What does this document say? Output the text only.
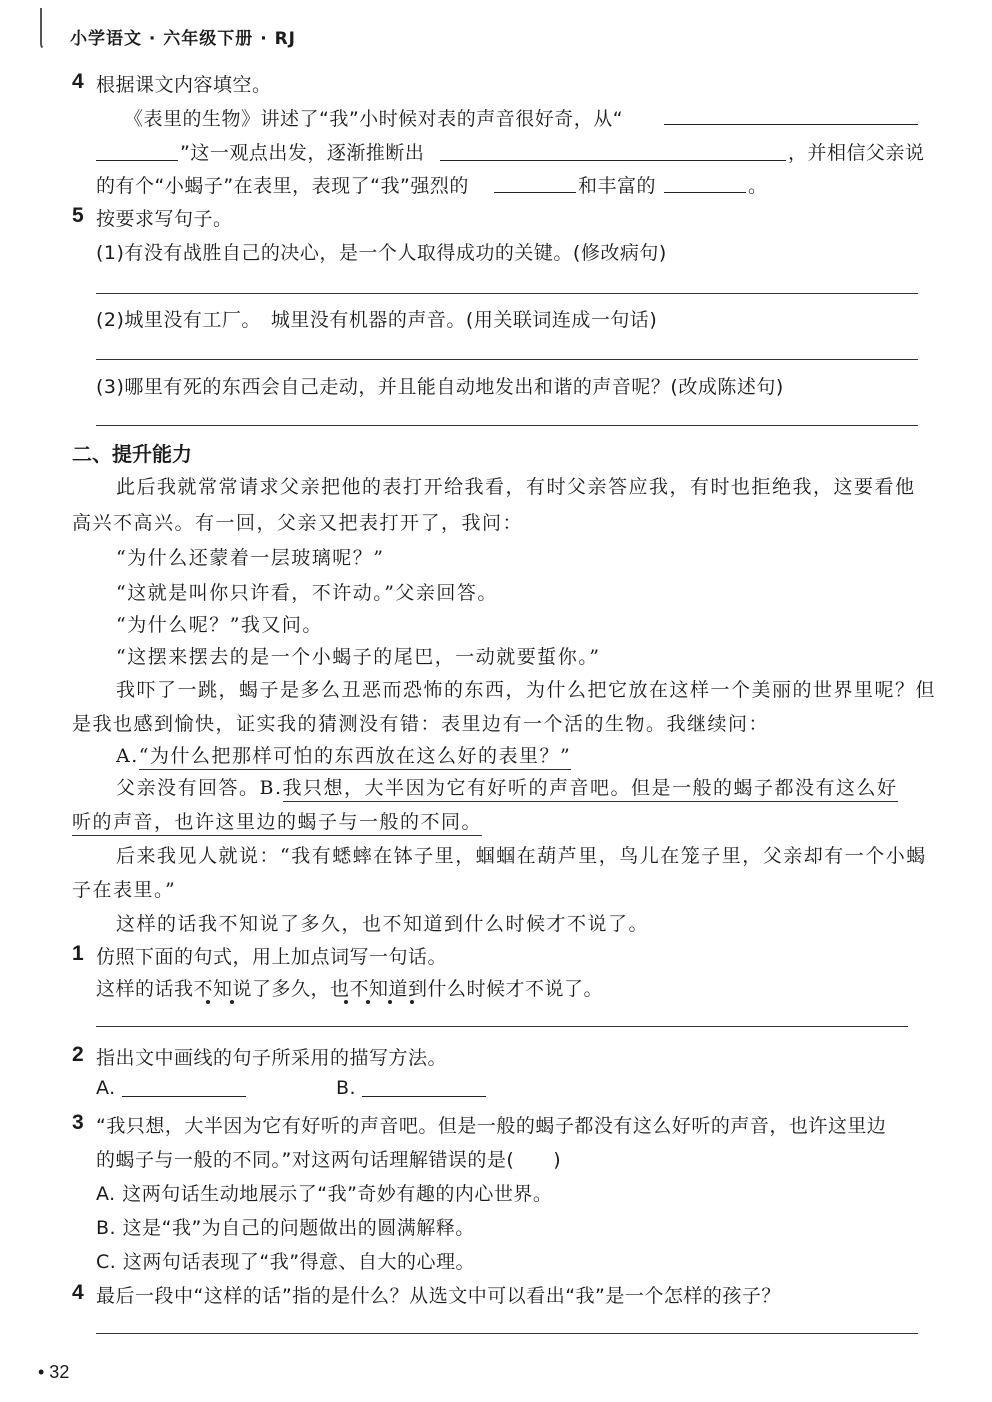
小学语文 · 六年级下册 · RJ
4 根据课文内容填空。
《表里的生物》讲述了“我”小时候对表的声音很好奇，从“
”这一观点出发，逐渐推断出	，并相信父亲说
的有个“小蝎子”在表里，表现了“我”强烈的	和丰富的	。
5 按要求写句子。
(1)有没有战胜自己的决心，是一个人取得成功的关键。(修改病句)
(2)城里没有工厂。　城里没有机器的声音。(用关联词连成一句话)
(3)哪里有死的东西会自己走动，并且能自动地发出和谐的声音呢？(改成陈述句)
二、提升能力
此后我就常常请求父亲把他的表打开给我看，有时父亲答应我，有时也拒绝我，这要看他
高兴不高兴。有一回，父亲又把表打开了，我问：
“为什么还蒙着一层玻璃呢？”
“这就是叫你只许看，不许动。”父亲回答。
“为什么呢？”我又问。
“这摆来摆去的是一个小蝎子的尾巴，一动就要蜇你。”
我吓了一跳，蝎子是多么丑恶而恐怖的东西，为什么把它放在这样一个美丽的世界里呢？但
是我也感到愉快，证实我的猜测没有错：表里边有一个活的生物。我继续问：
A.“为什么把那样可怕的东西放在这么好的表里？”
父亲没有回答。B.我只想，大半因为它有好听的声音吧。但是一般的蝎子都没有这么好
听的声音，也许这里边的蝎子与一般的不同。
后来我见人就说：“我有蟋蟀在钵子里，蝈蝈在葫芦里，鸟儿在笼子里，父亲却有一个小蝎
子在表里。”
这样的话我不知说了多久，也不知道到什么时候才不说了。
1 仿照下面的句式，用上加点词写一句话。
这样的话我不知说了多久，也不知道到什么时候才不说了。
2 指出文中画线的句子所采用的描写方法。
A.	B.
3 “我只想，大半因为它有好听的声音吧。但是一般的蝎子都没有这么好听的声音，也许这里边
的蝎子与一般的不同。”对这两句话理解错误的是(　　)
A. 这两句话生动地展示了“我”奇妙有趣的内心世界。
B. 这是“我”为自己的问题做出的圆满解释。
C. 这两句话表现了“我”得意、自大的心理。
4 最后一段中“这样的话”指的是什么？从选文中可以看出“我”是一个怎样的孩子？
• 32
